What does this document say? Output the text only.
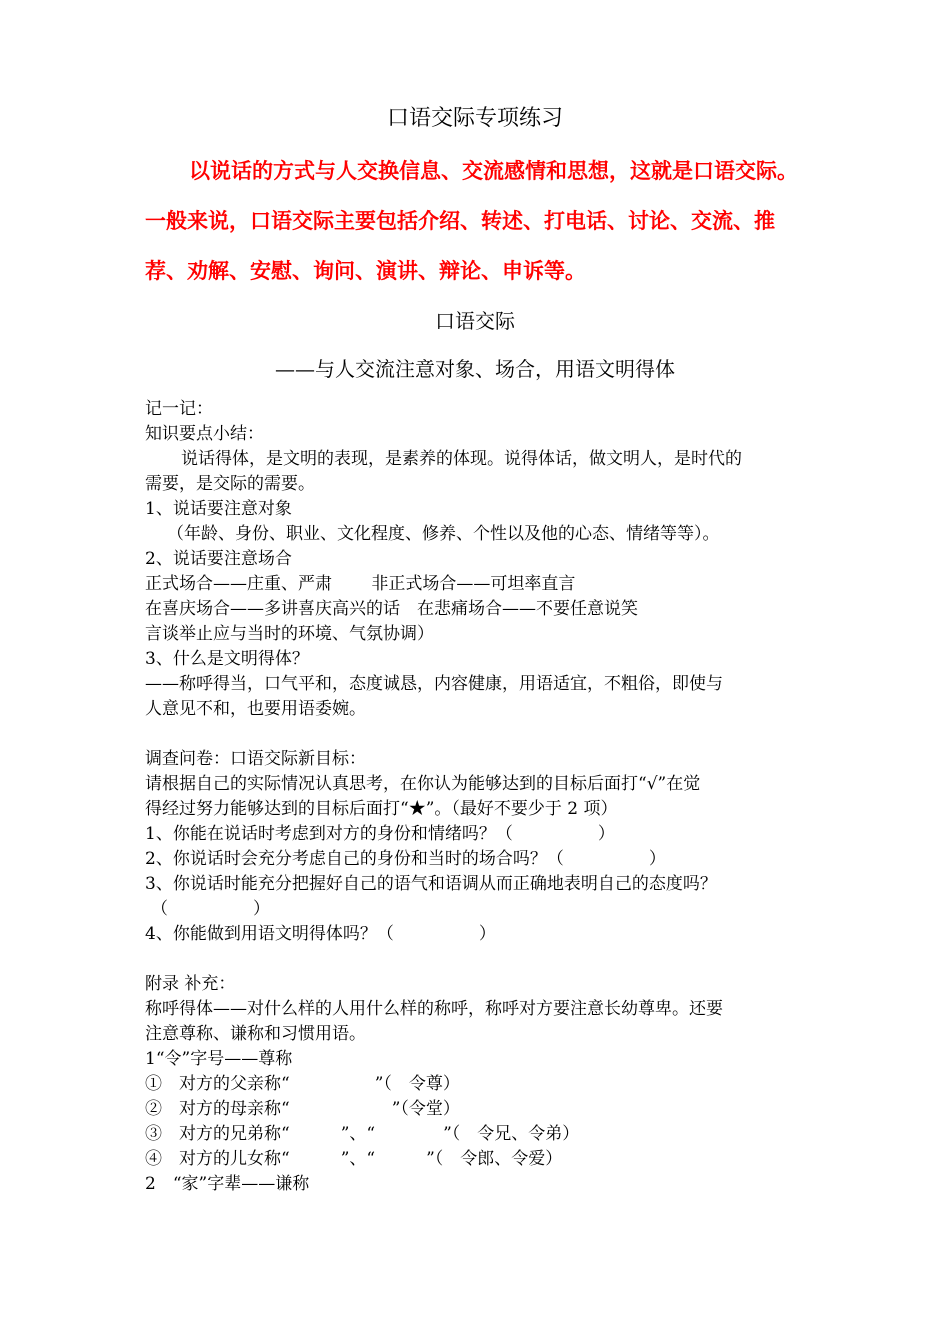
口语交际专项练习

以说话的方式与人交换信息、交流感情和思想，这就是口语交际。

一般来说，口语交际主要包括介绍、转述、打电话、讨论、交流、推

荐、劝解、安慰、询问、演讲、辩论、申诉等。

口语交际
——与人交流注意对象、场合，用语文明得体

记一记：

知识要点小结：

说话得体，是文明的表现，是素养的体现。说得体话，做文明人，是时代的

需要，是交际的需要。

1、说话要注意对象

（年龄、身份、职业、文化程度、修养、个性以及他的心态、情绪等等）。

2、说话要注意场合

正式场合——庄重、严肃　　 非正式场合——可坦率直言

在喜庆场合——多讲喜庆高兴的话　在悲痛场合——不要任意说笑

言谈举止应与当时的环境、气氛协调）

3、什么是文明得体？

——称呼得当，口气平和，态度诚恳，内容健康，用语适宜，不粗俗，即使与

人意见不和，也要用语委婉。

调查问卷：口语交际新目标：

请根据自己的实际情况认真思考，在你认为能够达到的目标后面打“√”在觉

得经过努力能够达到的目标后面打“★”。（最好不要少于 2 项）

1、你能在说话时考虑到对方的身份和情绪吗？（　　　　　）

2、你说话时会充分考虑自己的身份和当时的场合吗？（　　　　　）

3、你说话时能充分把握好自己的语气和语调从而正确地表明自己的态度吗？

（　　　　　）

4、你能做到用语文明得体吗？（　　　　　）

附录 补充：

称呼得体——对什么样的人用什么样的称呼，称呼对方要注意长幼尊卑。还要

注意尊称、谦称和习惯用语。

1“令”字号——尊称

①　对方的父亲称“　　　　　”（　令尊）

②　对方的母亲称“　　　　　　”（令堂）

③　对方的兄弟称“　　　”、“　　　　”（　令兄、令弟）

④　对方的儿女称“　　　”、“　　　”（　令郎、令爱）

2　“家”字辈——谦称
